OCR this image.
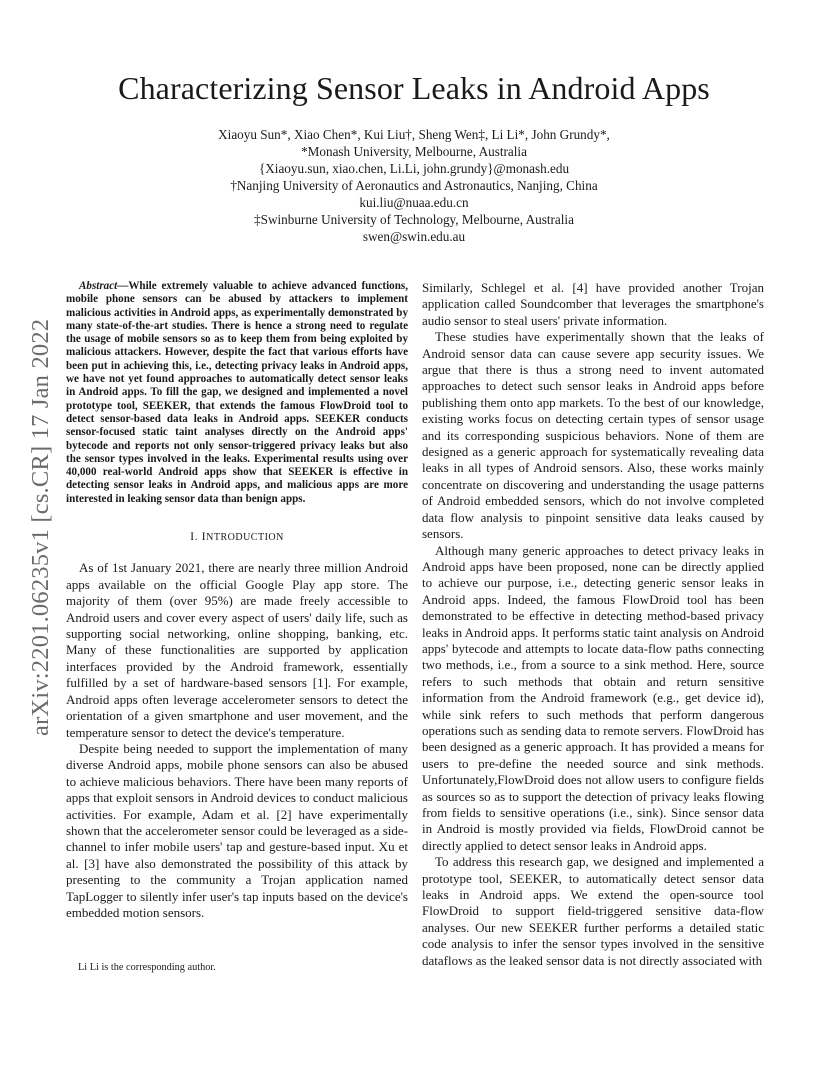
arXiv:2201.06235v1 [cs.CR] 17 Jan 2022
Characterizing Sensor Leaks in Android Apps
Xiaoyu Sun*, Xiao Chen*, Kui Liu†, Sheng Wen‡, Li Li*, John Grundy*,
*Monash University, Melbourne, Australia
{Xiaoyu.sun, xiao.chen, Li.Li, john.grundy}@monash.edu
†Nanjing University of Aeronautics and Astronautics, Nanjing, China
kui.liu@nuaa.edu.cn
‡Swinburne University of Technology, Melbourne, Australia
swen@swin.edu.au

Abstract—While extremely valuable to achieve advanced functions, mobile phone sensors can be abused by attackers to implement malicious activities in Android apps, as experimentally demonstrated by many state-of-the-art studies. There is hence a strong need to regulate the usage of mobile sensors so as to keep them from being exploited by malicious attackers. However, despite the fact that various efforts have been put in achieving this, i.e., detecting privacy leaks in Android apps, we have not yet found approaches to automatically detect sensor leaks in Android apps. To fill the gap, we designed and implemented a novel prototype tool, SEEKER, that extends the famous FlowDroid tool to detect sensor-based data leaks in Android apps. SEEKER conducts sensor-focused static taint analyses directly on the Android apps' bytecode and reports not only sensor-triggered privacy leaks but also the sensor types involved in the leaks. Experimental results using over 40,000 real-world Android apps show that SEEKER is effective in detecting sensor leaks in Android apps, and malicious apps are more interested in leaking sensor data than benign apps.

I. INTRODUCTION

As of 1st January 2021, there are nearly three million Android apps available on the official Google Play app store. The majority of them (over 95%) are made freely accessible to Android users and cover every aspect of users' daily life, such as supporting social networking, online shopping, banking, etc. Many of these functionalities are supported by application interfaces provided by the Android framework, essentially fulfilled by a set of hardware-based sensors [1]. For example, Android apps often leverage accelerometer sensors to detect the orientation of a given smartphone and user movement, and the temperature sensor to detect the device's temperature.

Despite being needed to support the implementation of many diverse Android apps, mobile phone sensors can also be abused to achieve malicious behaviors. There have been many reports of apps that exploit sensors in Android devices to conduct malicious activities. For example, Adam et al. [2] have experimentally shown that the accelerometer sensor could be leveraged as a side-channel to infer mobile users' tap and gesture-based input. Xu et al. [3] have also demonstrated the possibility of this attack by presenting to the community a Trojan application named TapLogger to silently infer user's tap inputs based on the device's embedded motion sensors.

Similarly, Schlegel et al. [4] have provided another Trojan application called Soundcomber that leverages the smartphone's audio sensor to steal users' private information.

These studies have experimentally shown that the leaks of Android sensor data can cause severe app security issues. We argue that there is thus a strong need to invent automated approaches to detect such sensor leaks in Android apps before publishing them onto app markets. To the best of our knowledge, existing works focus on detecting certain types of sensor usage and its corresponding suspicious behaviors. None of them are designed as a generic approach for systematically revealing data leaks in all types of Android sensors. Also, these works mainly concentrate on discovering and understanding the usage patterns of Android embedded sensors, which do not involve completed data flow analysis to pinpoint sensitive data leaks caused by sensors.

Although many generic approaches to detect privacy leaks in Android apps have been proposed, none can be directly applied to achieve our purpose, i.e., detecting generic sensor leaks in Android apps. Indeed, the famous FlowDroid tool has been demonstrated to be effective in detecting method-based privacy leaks in Android apps. It performs static taint analysis on Android apps' bytecode and attempts to locate data-flow paths connecting two methods, i.e., from a source to a sink method. Here, source refers to such methods that obtain and return sensitive information from the Android framework (e.g., get device id), while sink refers to such methods that perform dangerous operations such as sending data to remote servers. FlowDroid has been designed as a generic approach. It has provided a means for users to pre-define the needed source and sink methods. Unfortunately,FlowDroid does not allow users to configure fields as sources so as to support the detection of privacy leaks flowing from fields to sensitive operations (i.e., sink). Since sensor data in Android is mostly provided via fields, FlowDroid cannot be directly applied to detect sensor leaks in Android apps.

To address this research gap, we designed and implemented a prototype tool, SEEKER, to automatically detect sensor data leaks in Android apps. We extend the open-source tool FlowDroid to support field-triggered sensitive data-flow analyses. Our new SEEKER further performs a detailed static code analysis to infer the sensor types involved in the sensitive dataflows as the leaked sensor data is not directly associated with

Li Li is the corresponding author.
